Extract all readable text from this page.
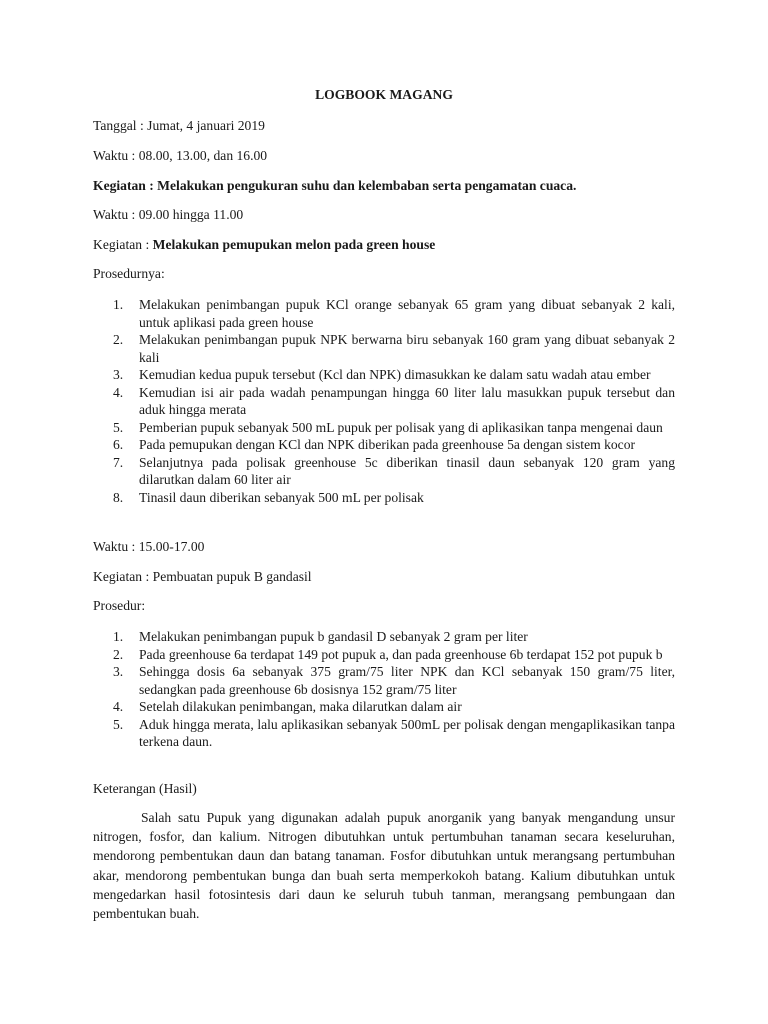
LOGBOOK MAGANG
Tanggal : Jumat, 4 januari 2019
Waktu : 08.00, 13.00, dan 16.00
Kegiatan : Melakukan pengukuran suhu dan kelembaban serta pengamatan cuaca.
Waktu : 09.00 hingga 11.00
Kegiatan : Melakukan pemupukan melon pada green house
Prosedurnya:
1.	Melakukan penimbangan pupuk KCl orange sebanyak 65 gram yang dibuat sebanyak 2 kali, untuk aplikasi pada green house
2.	Melakukan penimbangan pupuk NPK berwarna biru sebanyak 160 gram yang dibuat sebanyak 2 kali
3.	Kemudian kedua pupuk tersebut (Kcl dan NPK) dimasukkan ke dalam satu wadah atau ember
4.	Kemudian isi air pada wadah penampungan hingga 60 liter lalu masukkan pupuk tersebut dan aduk hingga merata
5.	Pemberian pupuk sebanyak 500 mL pupuk per polisak yang di aplikasikan tanpa mengenai daun
6.	Pada pemupukan dengan KCl dan NPK diberikan pada greenhouse 5a dengan sistem kocor
7.	Selanjutnya pada polisak greenhouse 5c diberikan tinasil daun sebanyak 120 gram yang dilarutkan dalam 60 liter air
8.	Tinasil daun diberikan sebanyak 500 mL per polisak
Waktu : 15.00-17.00
Kegiatan : Pembuatan pupuk B gandasil
Prosedur:
1.	Melakukan penimbangan pupuk b gandasil D sebanyak 2 gram per liter
2.	Pada greenhouse 6a terdapat 149 pot pupuk a, dan pada greenhouse 6b terdapat 152 pot pupuk b
3.	Sehingga dosis 6a sebanyak 375 gram/75 liter NPK dan KCl sebanyak 150 gram/75 liter, sedangkan pada greenhouse 6b dosisnya 152 gram/75 liter
4.	Setelah dilakukan penimbangan, maka dilarutkan dalam air
5.	Aduk hingga merata, lalu aplikasikan sebanyak 500mL per polisak dengan mengaplikasikan tanpa terkena daun.
Keterangan (Hasil)
Salah satu Pupuk yang digunakan adalah pupuk anorganik yang banyak mengandung unsur nitrogen, fosfor, dan kalium. Nitrogen dibutuhkan untuk pertumbuhan tanaman secara keseluruhan, mendorong pembentukan daun dan batang tanaman. Fosfor dibutuhkan untuk merangsang pertumbuhan akar, mendorong pembentukan bunga dan buah serta memperkokoh batang. Kalium dibutuhkan untuk mengedarkan hasil fotosintesis dari daun ke seluruh tubuh tanman, merangsang pembungaan dan pembentukan buah.
